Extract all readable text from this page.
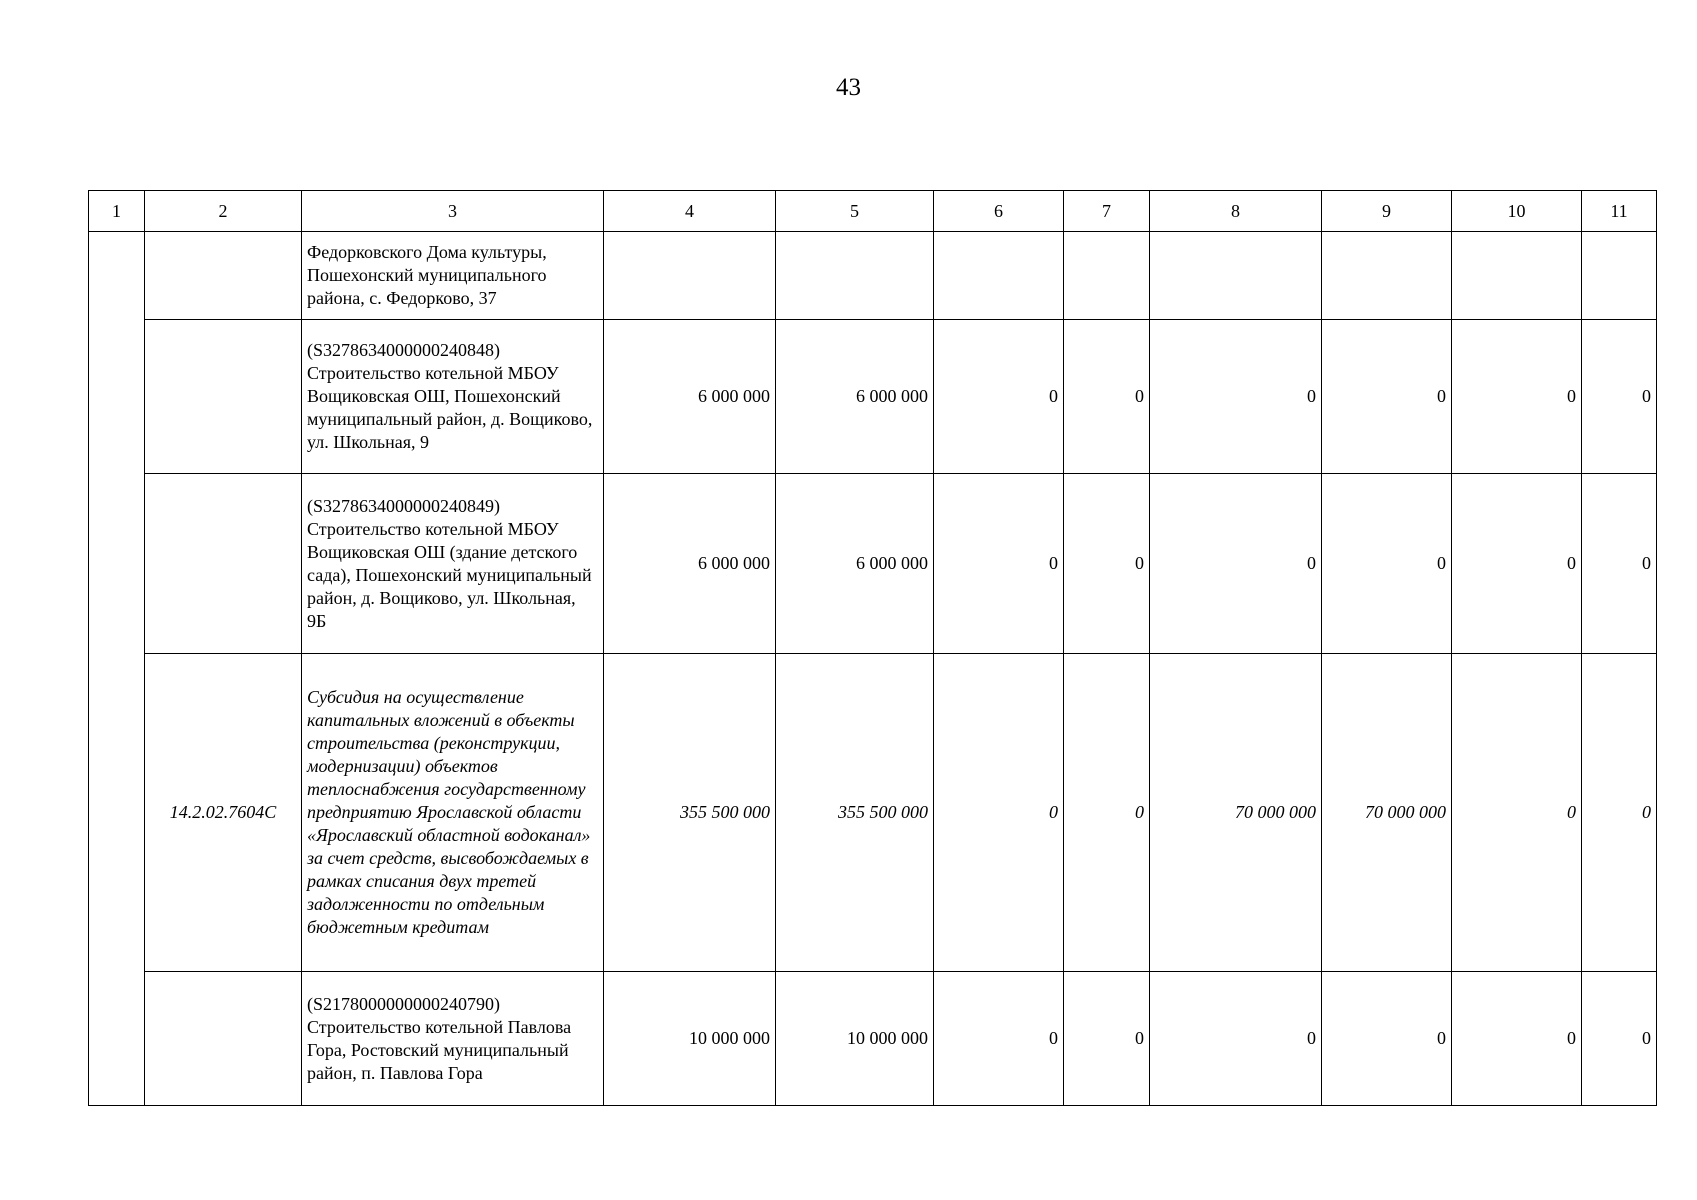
43
1	2	3	4	5	6	7	8	9	10	11
		Федорковского Дома культуры, Пошехонский муниципального района, с. Федорково, 37								
		(S3278634000000240848) Строительство котельной МБОУ Вощиковская ОШ, Пошехонский муниципальный район, д. Вощиково, ул. Школьная, 9	6 000 000	6 000 000	0	0	0	0	0	0
		(S3278634000000240849) Строительство котельной МБОУ Вощиковская ОШ (здание детского сада), Пошехонский муниципальный район, д. Вощиково, ул. Школьная, 9Б	6 000 000	6 000 000	0	0	0	0	0	0
	14.2.02.7604С	Субсидия на осуществление капитальных вложений в объекты строительства (реконструкции, модернизации) объектов теплоснабжения государственному предприятию Ярославской области «Ярославский областной водоканал» за счет средств, высвобождаемых в рамках списания двух третей задолженности по отдельным бюджетным кредитам	355 500 000	355 500 000	0	0	70 000 000	70 000 000	0	0
		(S2178000000000240790) Строительство котельной Павлова Гора, Ростовский муниципальный район, п. Павлова Гора	10 000 000	10 000 000	0	0	0	0	0	0
